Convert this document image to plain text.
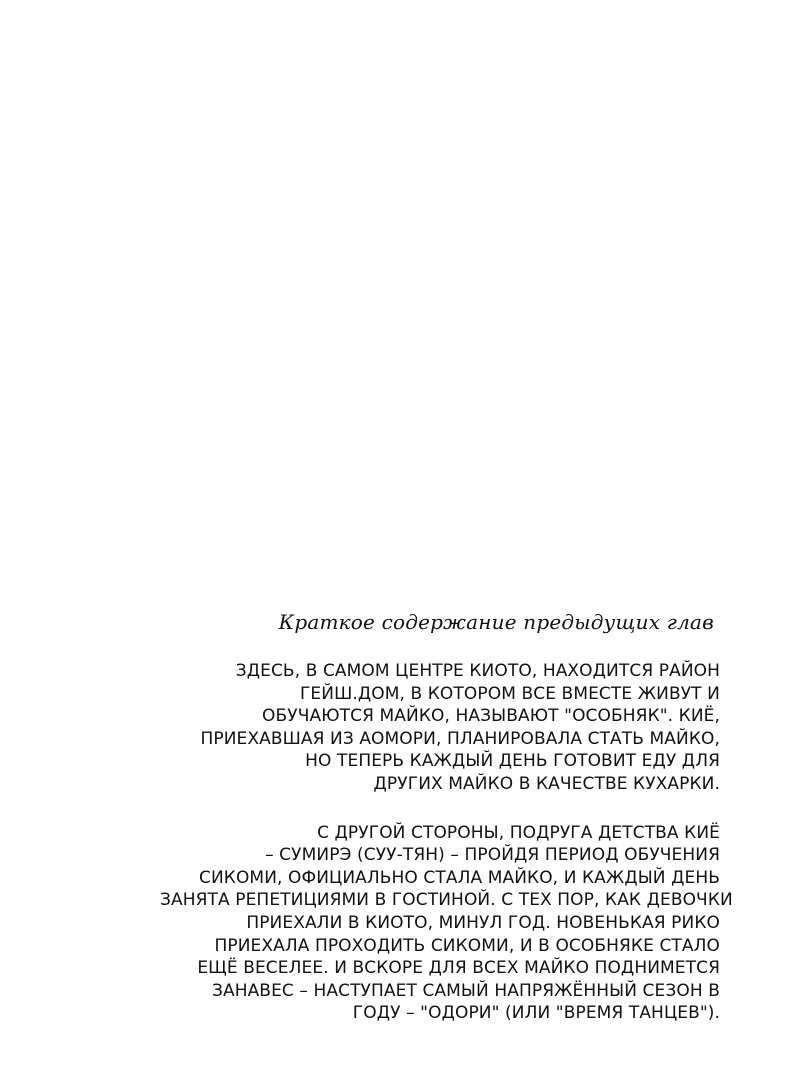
Краткое содержание предыдущих глав

ЗДЕСЬ, В САМОМ ЦЕНТРЕ КИОТО, НАХОДИТСЯ РАЙОН
ГЕЙШ.ДОМ, В КОТОРОМ ВСЕ ВМЕСТЕ ЖИВУТ И
ОБУЧАЮТСЯ МАЙКО, НАЗЫВАЮТ "ОСОБНЯК". КИЁ,
ПРИЕХАВШАЯ ИЗ АОМОРИ, ПЛАНИРОВАЛА СТАТЬ МАЙКО,
НО ТЕПЕРЬ КАЖДЫЙ ДЕНЬ ГОТОВИТ ЕДУ ДЛЯ
ДРУГИХ МАЙКО В КАЧЕСТВЕ КУХАРКИ.

С ДРУГОЙ СТОРОНЫ, ПОДРУГА ДЕТСТВА КИЁ
– СУМИРЭ (СУУ-ТЯН) – ПРОЙДЯ ПЕРИОД ОБУЧЕНИЯ
СИКОМИ, ОФИЦИАЛЬНО СТАЛА МАЙКО, И КАЖДЫЙ ДЕНЬ
ЗАНЯТА РЕПЕТИЦИЯМИ В ГОСТИНОЙ. С ТЕХ ПОР, КАК ДЕВОЧКИ
ПРИЕХАЛИ В КИОТО, МИНУЛ ГОД. НОВЕНЬКАЯ РИКО
ПРИЕХАЛА ПРОХОДИТЬ СИКОМИ, И В ОСОБНЯКЕ СТАЛО
ЕЩЁ ВЕСЕЛЕЕ. И ВСКОРЕ ДЛЯ ВСЕХ МАЙКО ПОДНИМЕТСЯ
ЗАНАВЕС – НАСТУПАЕТ САМЫЙ НАПРЯЖЁННЫЙ СЕЗОН В
ГОДУ – "ОДОРИ" (ИЛИ "ВРЕМЯ ТАНЦЕВ").
